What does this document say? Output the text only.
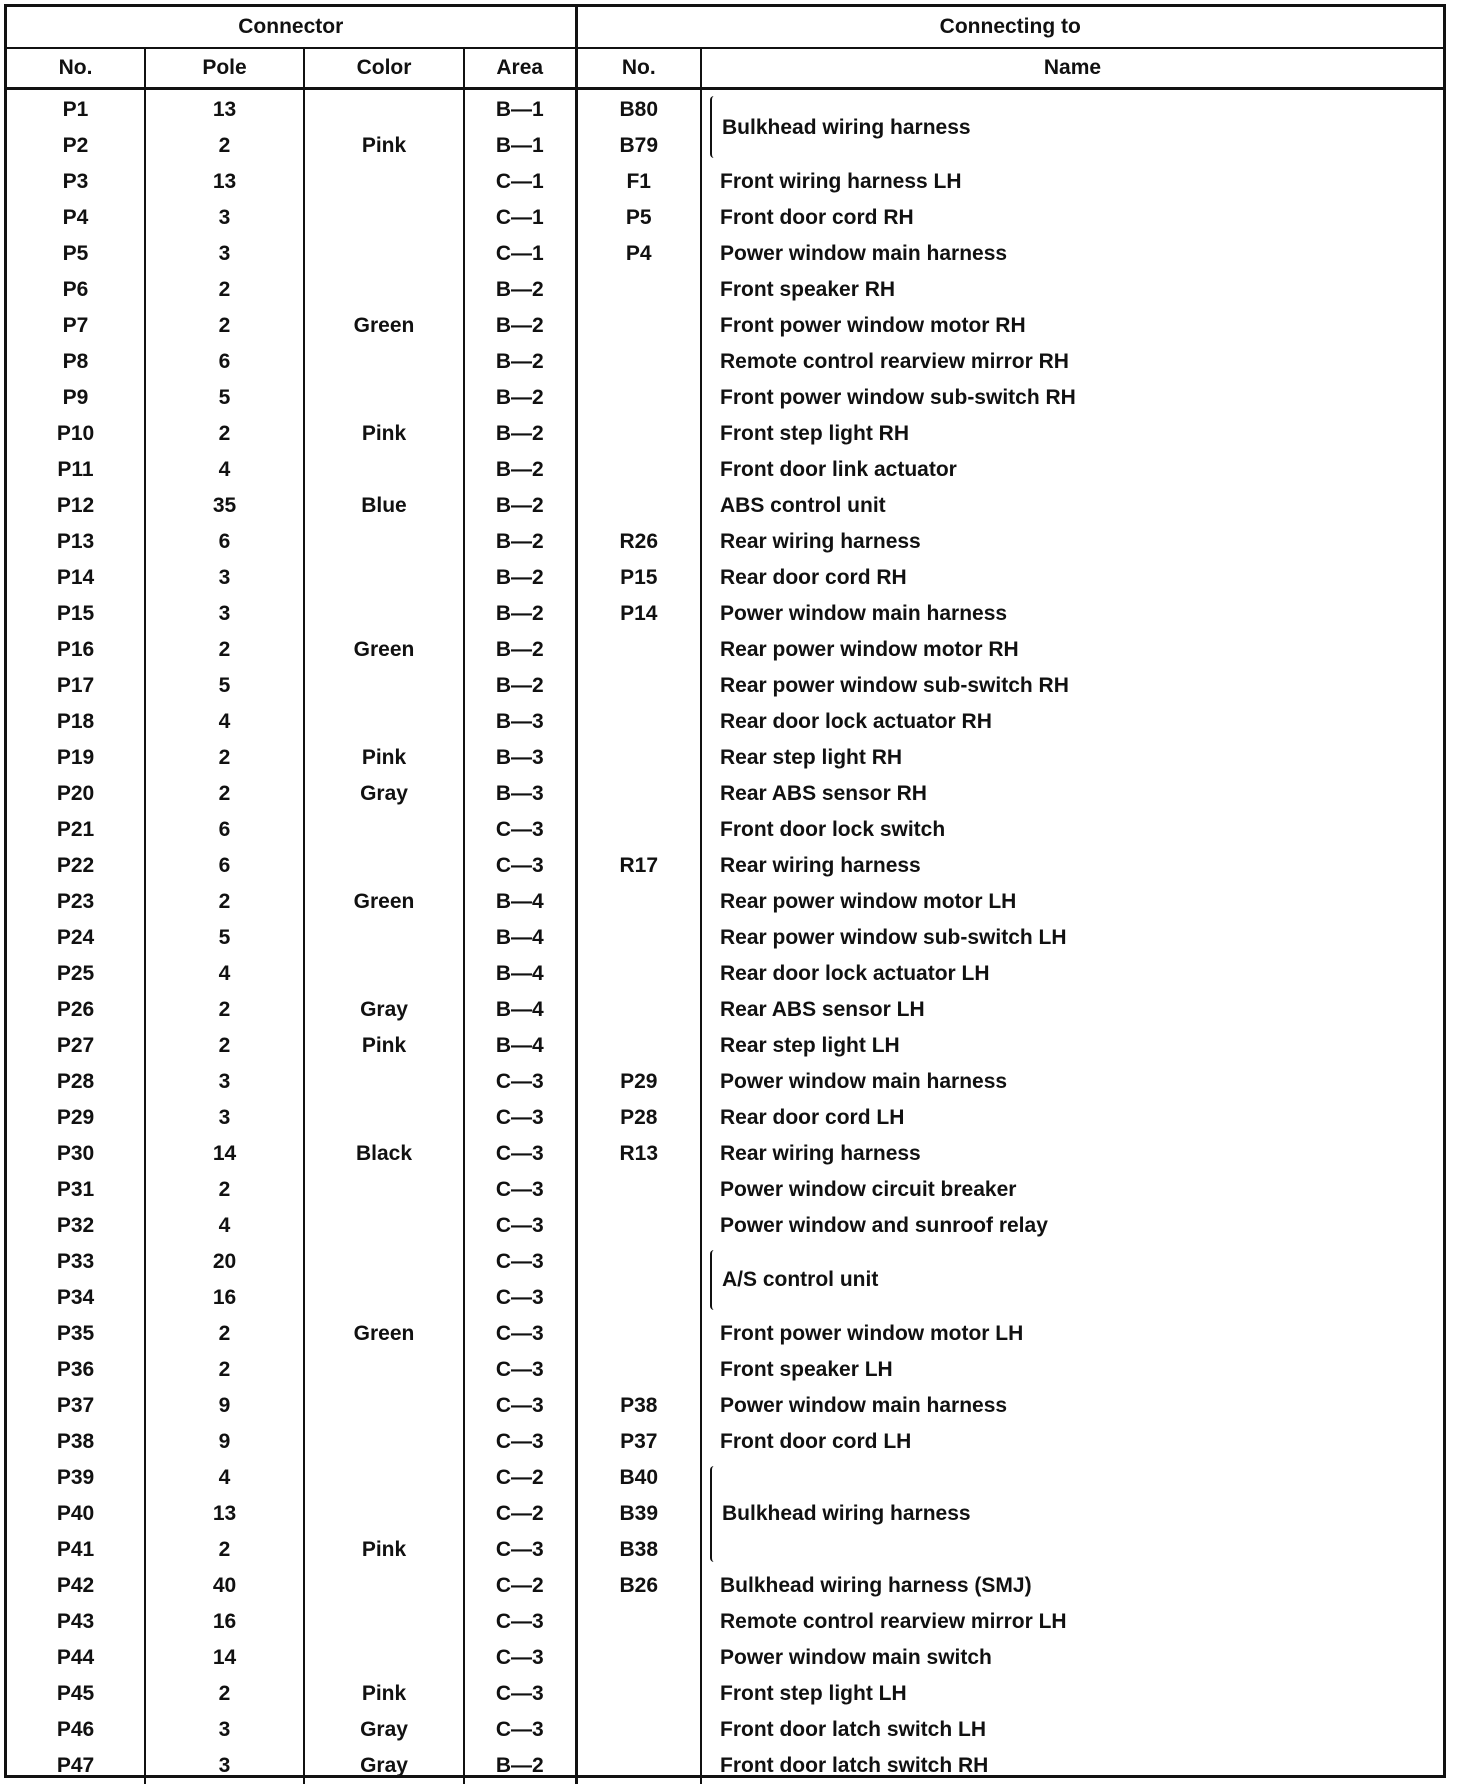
Connector				Connecting to	
No.	Pole	Color	Area	No.	Name
P1	13		B—1	B80	Bulkhead wiring harness
P2	2	Pink	B—1	B79	
P3	13		C—1	F1	Front wiring harness LH
P4	3		C—1	P5	Front door cord RH
P5	3		C—1	P4	Power window main harness
P6	2		B—2		Front speaker RH
P7	2	Green	B—2		Front power window motor RH
P8	6		B—2		Remote control rearview mirror RH
P9	5		B—2		Front power window sub-switch RH
P10	2	Pink	B—2		Front step light RH
P11	4		B—2		Front door link actuator
P12	35	Blue	B—2		ABS control unit
P13	6		B—2	R26	Rear wiring harness
P14	3		B—2	P15	Rear door cord RH
P15	3		B—2	P14	Power window main harness
P16	2	Green	B—2		Rear power window motor RH
P17	5		B—2		Rear power window sub-switch RH
P18	4		B—3		Rear door lock actuator RH
P19	2	Pink	B—3		Rear step light RH
P20	2	Gray	B—3		Rear ABS sensor RH
P21	6		C—3		Front door lock switch
P22	6		C—3	R17	Rear wiring harness
P23	2	Green	B—4		Rear power window motor LH
P24	5		B—4		Rear power window sub-switch LH
P25	4		B—4		Rear door lock actuator LH
P26	2	Gray	B—4		Rear ABS sensor LH
P27	2	Pink	B—4		Rear step light LH
P28	3		C—3	P29	Power window main harness
P29	3		C—3	P28	Rear door cord LH
P30	14	Black	C—3	R13	Rear wiring harness
P31	2		C—3		Power window circuit breaker
P32	4		C—3		Power window and sunroof relay
P33	20		C—3		A/S control unit
P34	16		C—3		
P35	2	Green	C—3		Front power window motor LH
P36	2		C—3		Front speaker LH
P37	9		C—3	P38	Power window main harness
P38	9		C—3	P37	Front door cord LH
P39	4		C—2	B40	Bulkhead wiring harness
P40	13		C—2	B39	
P41	2	Pink	C—3	B38	
P42	40		C—2	B26	Bulkhead wiring harness (SMJ)
P43	16		C—3		Remote control rearview mirror LH
P44	14		C—3		Power window main switch
P45	2	Pink	C—3		Front step light LH
P46	3	Gray	C—3		Front door latch switch LH
P47	3	Gray	B—2		Front door latch switch RH
